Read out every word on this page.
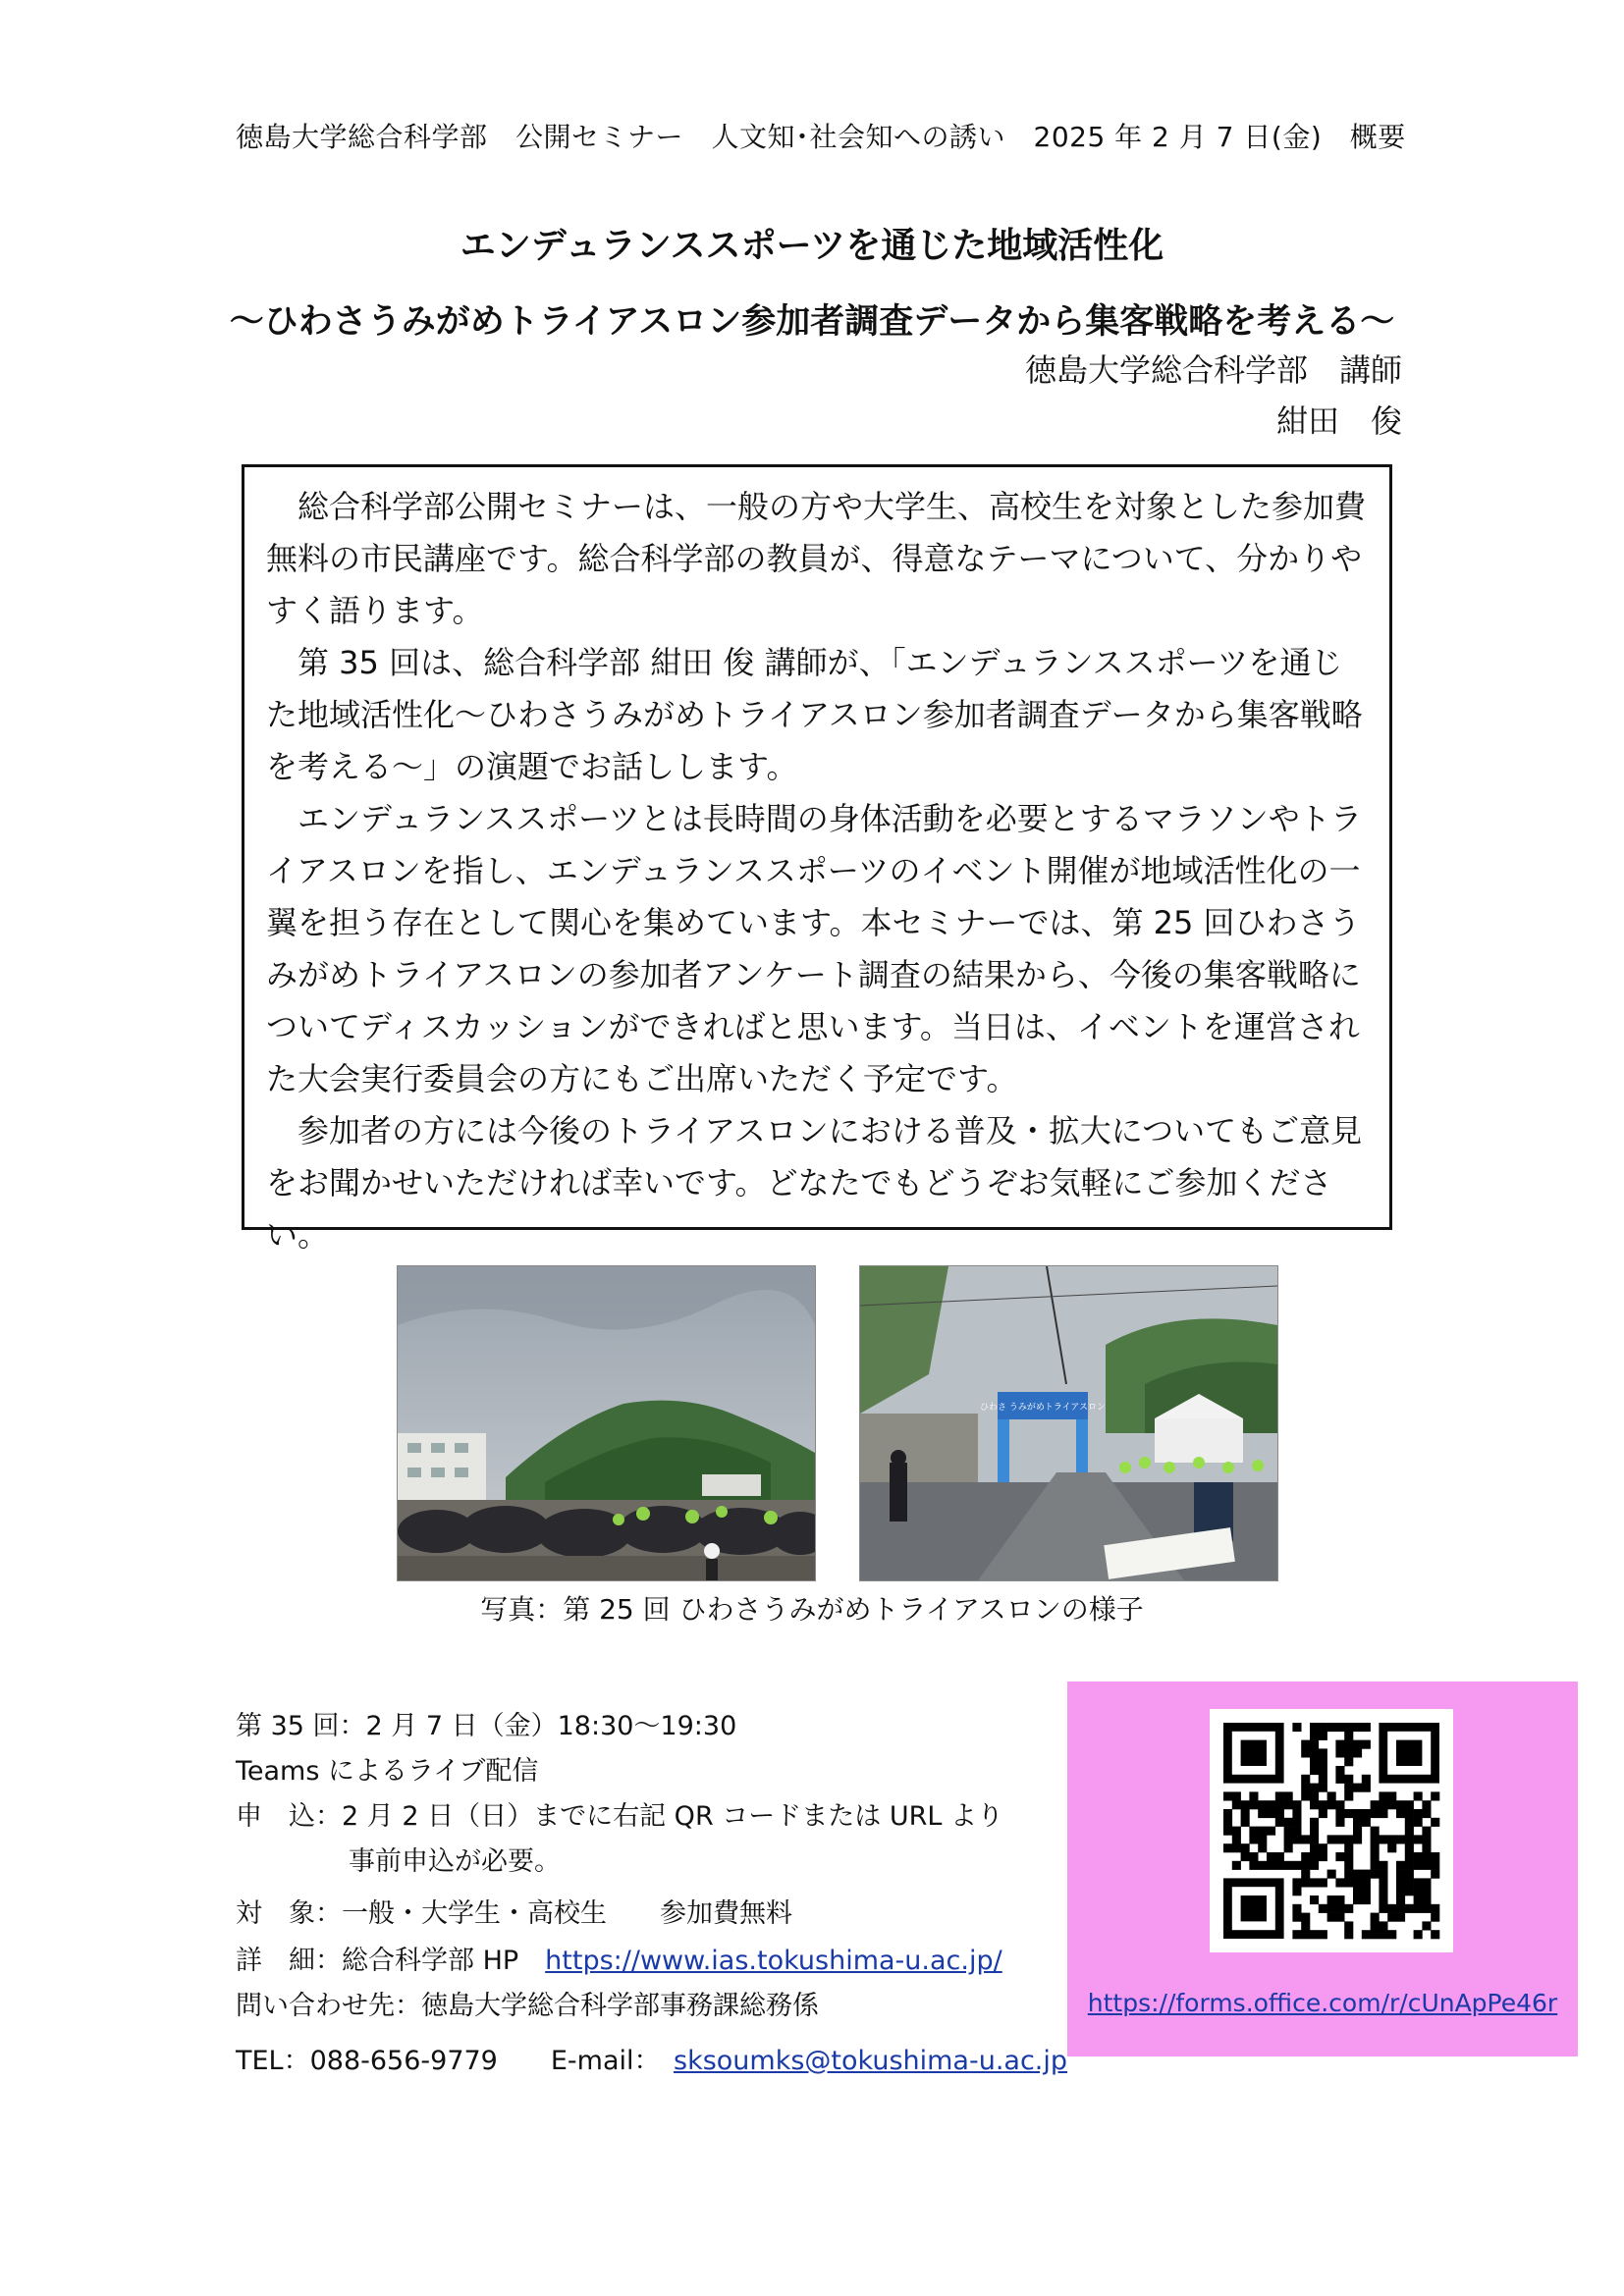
徳島大学総合科学部　公開セミナー　人文知･社会知への誘い　2025 年 2 月 7 日(金)　概要
エンデュランススポーツを通じた地域活性化
〜ひわさうみがめトライアスロン参加者調査データから集客戦略を考える〜
徳島大学総合科学部　講師
紺田　俊

総合科学部公開セミナーは、一般の方や大学生、高校生を対象とした参加費無料の市民講座です。総合科学部の教員が、得意なテーマについて、分かりやすく語ります。

第 35 回は、総合科学部 紺田 俊 講師が、「エンデュランススポーツを通じた地域活性化〜ひわさうみがめトライアスロン参加者調査データから集客戦略を考える〜」の演題でお話しします。

エンデュランススポーツとは長時間の身体活動を必要とするマラソンやトライアスロンを指し、エンデュランススポーツのイベント開催が地域活性化の一翼を担う存在として関心を集めています。本セミナーでは、第 25 回ひわさうみがめトライアスロンの参加者アンケート調査の結果から、今後の集客戦略についてディスカッションができればと思います。当日は、イベントを運営された大会実行委員会の方にもご出席いただく予定です。

参加者の方には今後のトライアスロンにおける普及・拡大についてもご意見をお聞かせいただければ幸いです。どなたでもどうぞお気軽にご参加ください。

ひわさ うみがめトライアスロン
写真：第 25 回 ひわさうみがめトライアスロンの様子
第 35 回：2 月 7 日（金）18:30〜19:30
Teams によるライブ配信
申　込：2 月 2 日（日）までに右記 QR コードまたは URL より
事前申込が必要。
対　象：一般・大学生・高校生　　参加費無料
詳　細：総合科学部 HP　 https://www.ias.tokushima-u.ac.jp/
問い合わせ先：徳島大学総合科学部事務課総務係
TEL：088-656-9779　　E-mail：　 sksoumks@tokushima-u.ac.jp
https://forms.office.com/r/cUnApPe46r
